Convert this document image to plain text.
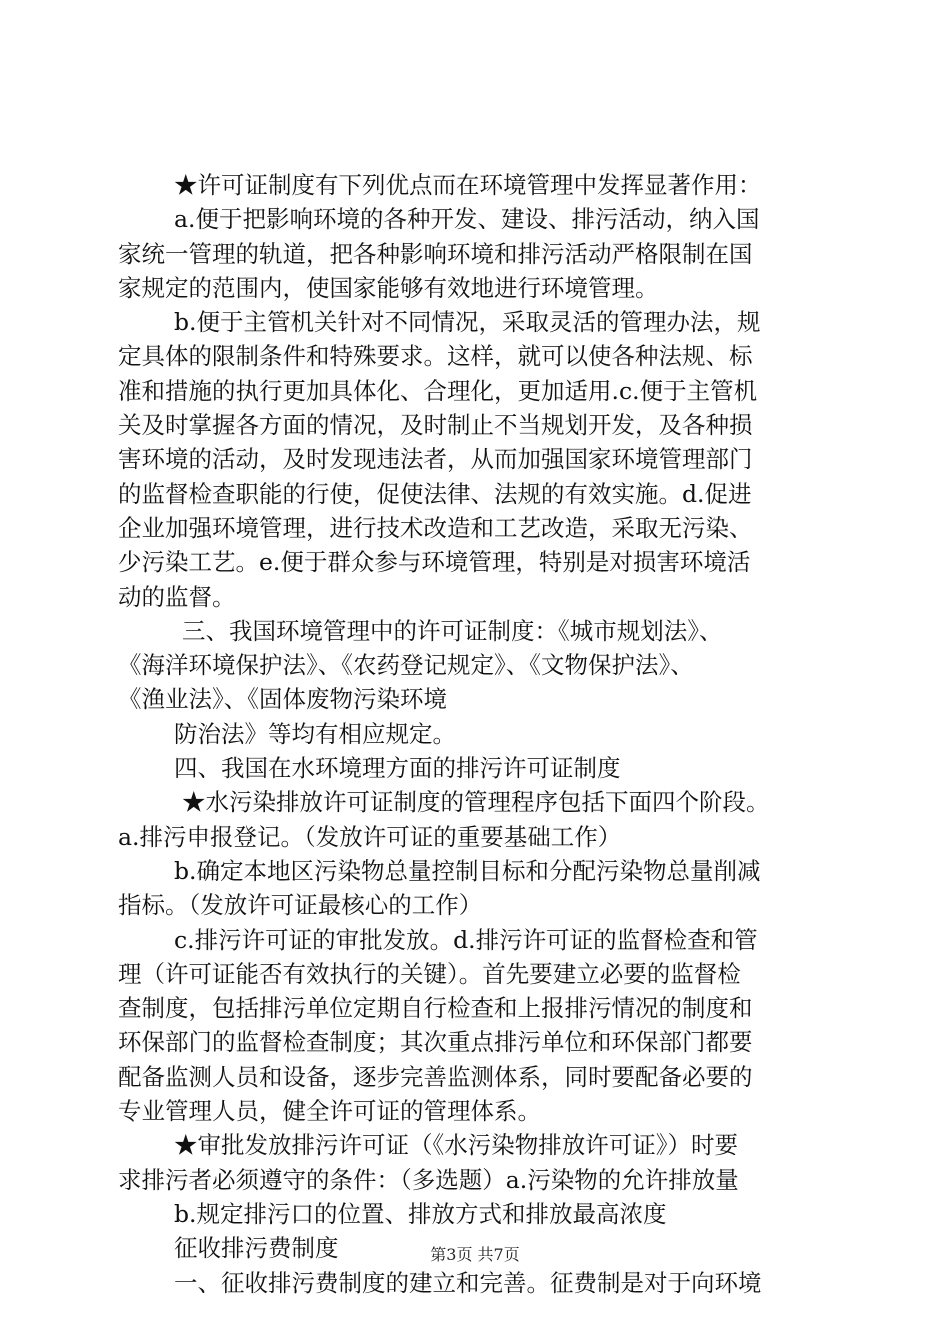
★许可证制度有下列优点而在环境管理中发挥显著作用：
a.便于把影响环境的各种开发、建设、排污活动，纳入国
家统一管理的轨道，把各种影响环境和排污活动严格限制在国
家规定的范围内，使国家能够有效地进行环境管理。
b.便于主管机关针对不同情况，采取灵活的管理办法，规
定具体的限制条件和特殊要求。这样，就可以使各种法规、标
准和措施的执行更加具体化、合理化，更加适用.c.便于主管机
关及时掌握各方面的情况，及时制止不当规划开发，及各种损
害环境的活动，及时发现违法者，从而加强国家环境管理部门
的监督检查职能的行使，促使法律、法规的有效实施。d.促进
企业加强环境管理，进行技术改造和工艺改造，采取无污染、
少污染工艺。e.便于群众参与环境管理，特别是对损害环境活
动的监督。
三、我国环境管理中的许可证制度：《城市规划法》、
《海洋环境保护法》、《农药登记规定》、《文物保护法》、
《渔业法》、《固体废物污染环境
防治法》等均有相应规定。
四、我国在水环境理方面的排污许可证制度
★水污染排放许可证制度的管理程序包括下面四个阶段。
a.排污申报登记。（发放许可证的重要基础工作）
b.确定本地区污染物总量控制目标和分配污染物总量削减
指标。（发放许可证最核心的工作）
c.排污许可证的审批发放。d.排污许可证的监督检查和管
理（许可证能否有效执行的关键）。首先要建立必要的监督检
查制度，包括排污单位定期自行检查和上报排污情况的制度和
环保部门的监督检查制度；其次重点排污单位和环保部门都要
配备监测人员和设备，逐步完善监测体系，同时要配备必要的
专业管理人员，健全许可证的管理体系。
★审批发放排污许可证（《水污染物排放许可证》）时要
求排污者必须遵守的条件：（多选题）a.污染物的允许排放量
b.规定排污口的位置、排放方式和排放最高浓度
征收排污费制度
一、征收排污费制度的建立和完善。征费制是对于向环境
第3页 共7页
